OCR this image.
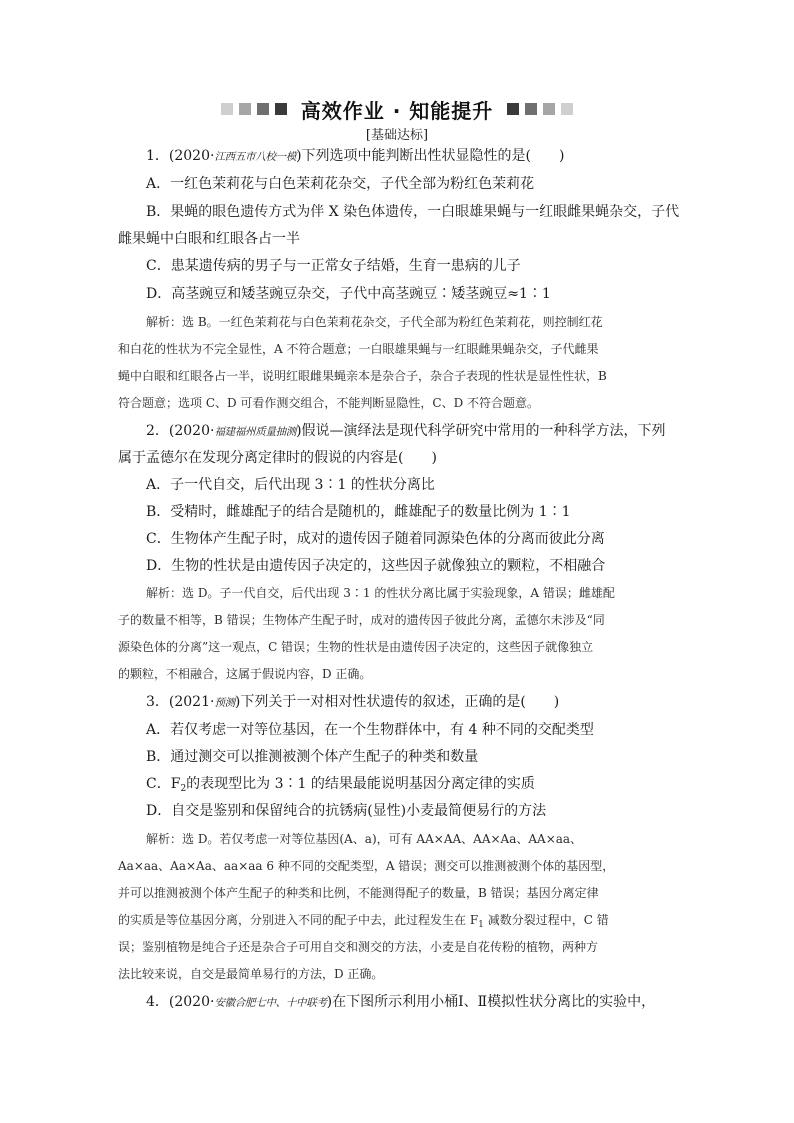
高效作业 · 知能提升
[基础达标]
1．(2020·江西五市八校一模)下列选项中能判断出性状显隐性的是(　　)
A．一红色茉莉花与白色茉莉花杂交，子代全部为粉红色茉莉花
B．果蝇的眼色遗传方式为伴 X 染色体遗传，一白眼雄果蝇与一红眼雌果蝇杂交，子代
雌果蝇中白眼和红眼各占一半
C．患某遗传病的男子与一正常女子结婚，生育一患病的儿子
D．高茎豌豆和矮茎豌豆杂交，子代中高茎豌豆∶矮茎豌豆≈1∶1
解析：选 B。一红色茉莉花与白色茉莉花杂交，子代全部为粉红色茉莉花，则控制红花
和白花的性状为不完全显性，A 不符合题意；一白眼雄果蝇与一红眼雌果蝇杂交，子代雌果
蝇中白眼和红眼各占一半，说明红眼雌果蝇亲本是杂合子，杂合子表现的性状是显性性状，B
符合题意；选项 C、D 可看作测交组合，不能判断显隐性，C、D 不符合题意。
2．(2020·福建福州质量抽测)假说—演绎法是现代科学研究中常用的一种科学方法，下列
属于孟德尔在发现分离定律时的假说的内容是(　　)
A．子一代自交，后代出现 3∶1 的性状分离比
B．受精时，雌雄配子的结合是随机的，雌雄配子的数量比例为 1∶1
C．生物体产生配子时，成对的遗传因子随着同源染色体的分离而彼此分离
D．生物的性状是由遗传因子决定的，这些因子就像独立的颗粒，不相融合
解析：选 D。子一代自交，后代出现 3∶1 的性状分离比属于实验现象，A 错误；雌雄配
子的数量不相等，B 错误；生物体产生配子时，成对的遗传因子彼此分离，孟德尔未涉及“同
源染色体的分离”这一观点，C 错误；生物的性状是由遗传因子决定的，这些因子就像独立
的颗粒，不相融合，这属于假说内容，D 正确。
3．(2021·预测)下列关于一对相对性状遗传的叙述，正确的是(　　)
A．若仅考虑一对等位基因，在一个生物群体中，有 4 种不同的交配类型
B．通过测交可以推测被测个体产生配子的种类和数量
C．$F_2$的表现型比为 3∶1 的结果最能说明基因分离定律的实质
D．自交是鉴别和保留纯合的抗锈病(显性)小麦最简便易行的方法
解析：选 D。若仅考虑一对等位基因(A、a)，可有 AA×AA、AA×Aa、AA×aa、
Aa×aa、Aa×Aa、aa×aa 6 种不同的交配类型，A 错误；测交可以推测被测个体的基因型，
并可以推测被测个体产生配子的种类和比例，不能测得配子的数量，B 错误；基因分离定律
的实质是等位基因分离，分别进入不同的配子中去，此过程发生在 $F_1$ 减数分裂过程中，C 错
误；鉴别植物是纯合子还是杂合子可用自交和测交的方法，小麦是自花传粉的植物，两种方
法比较来说，自交是最简单易行的方法，D 正确。
4．(2020·安徽合肥七中、十中联考)在下图所示利用小桶Ⅰ、Ⅱ模拟性状分离比的实验中，
